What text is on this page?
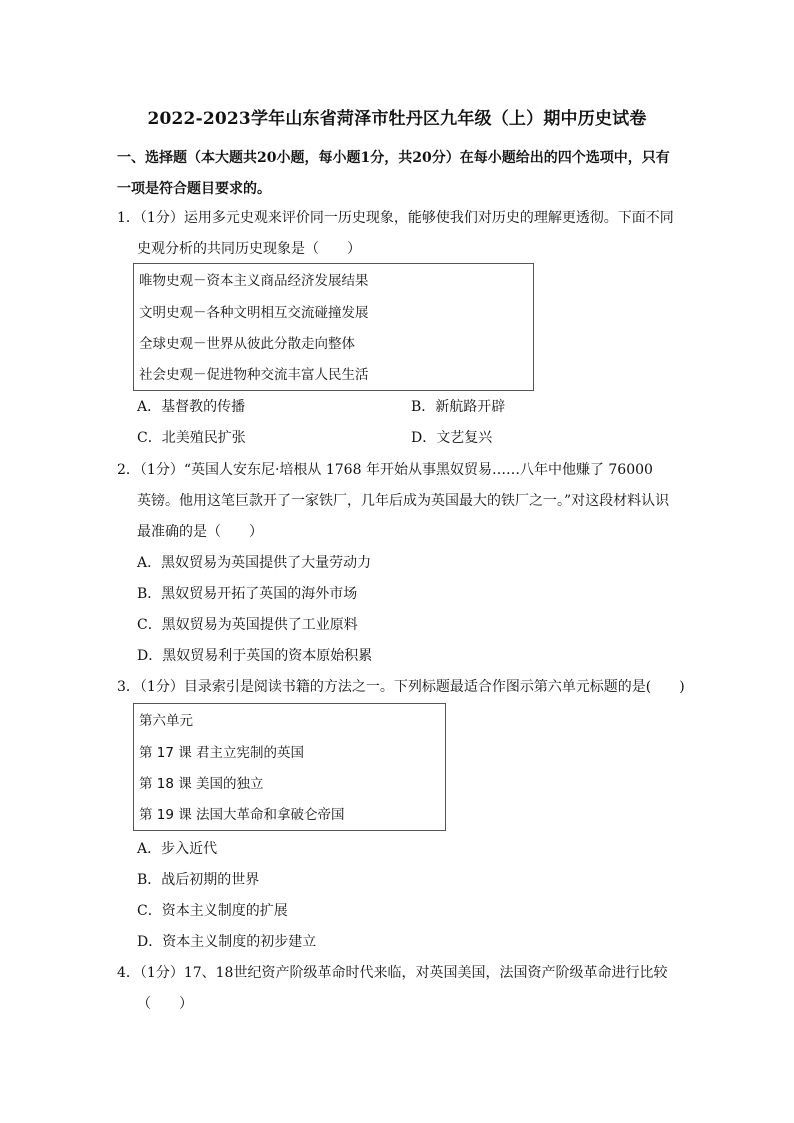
2022-2023学年山东省菏泽市牡丹区九年级（上）期中历史试卷
一、选择题（本大题共20小题，每小题1分，共20分）在每小题给出的四个选项中，只有一项是符合题目要求的。
1．（1分）运用多元史观来评价同一历史现象，能够使我们对历史的理解更透彻。下面不同
史观分析的共同历史现象是（　　）
唯物史观－资本主义商品经济发展结果
文明史观－各种文明相互交流碰撞发展
全球史观－世界从彼此分散走向整体
社会史观－促进物种交流丰富人民生活
A．基督教的传播	B．新航路开辟
C．北美殖民扩张	D．文艺复兴
2．（1分）“英国人安东尼·培根从 1768 年开始从事黑奴贸易……八年中他赚了 76000
英镑。他用这笔巨款开了一家铁厂，几年后成为英国最大的铁厂之一。”对这段材料认识
最准确的是（　　）
A．黑奴贸易为英国提供了大量劳动力
B．黑奴贸易开拓了英国的海外市场
C．黑奴贸易为英国提供了工业原料
D．黑奴贸易利于英国的资本原始积累
3．（1分）目录索引是阅读书籍的方法之一。下列标题最适合作图示第六单元标题的是(　　)
第六单元
第 17 课 君主立宪制的英国
第 18 课 美国的独立
第 19 课 法国大革命和拿破仑帝国
A．步入近代
B．战后初期的世界
C．资本主义制度的扩展
D．资本主义制度的初步建立
4．（1分）17、18世纪资产阶级革命时代来临，对英国美国，法国资产阶级革命进行比较
（　　）
